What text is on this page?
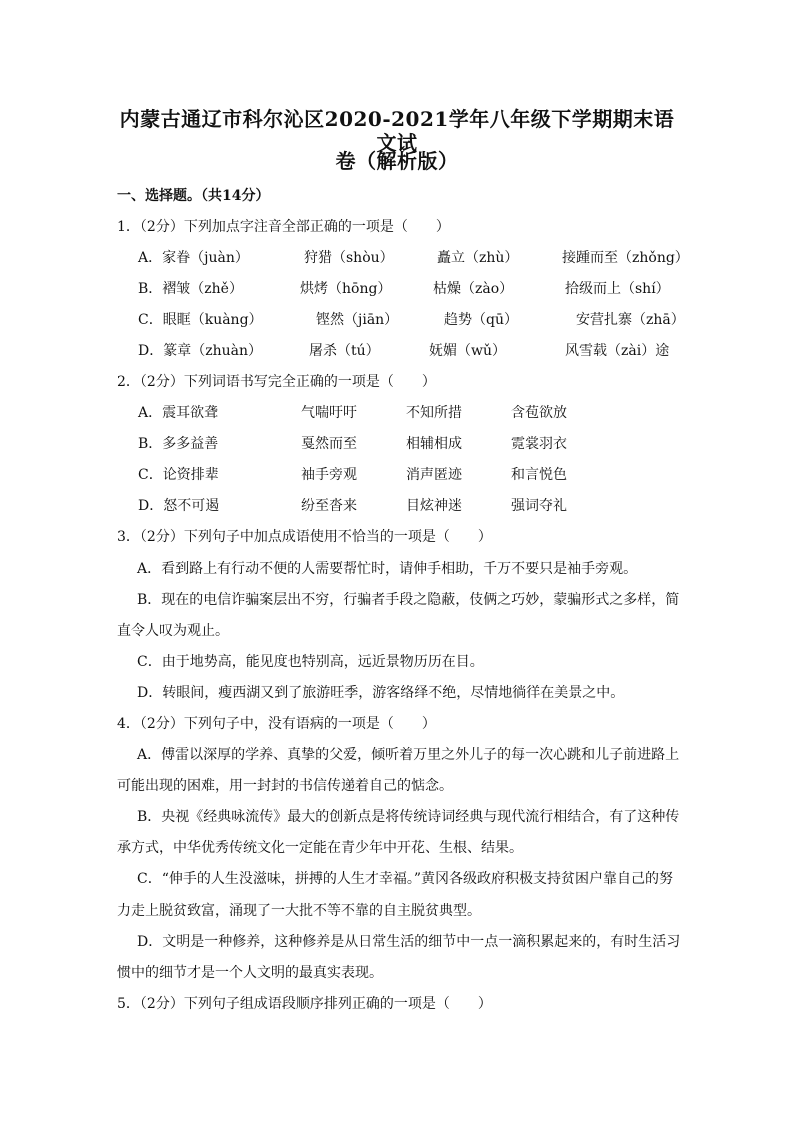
内蒙古通辽市科尔沁区2020-2021学年八年级下学期期末语文试
卷（解析版）
一、选择题。（共14分）
1．（2分）下列加点字注音全部正确的一项是（　　）
A．家眷（juàn）	狩猎（shòu）	矗立（zhù）	接踵而至（zhǒng）
B．褶皱（zhě）	烘烤（hōng）	枯燥（zào）	拾级而上（shí）
C．眼眶（kuàng）	铿然（jiān）	趋势（qū）	安营扎寨（zhā）
D．篆章（zhuàn）	屠杀（tú）	妩媚（wǔ）	风雪载（zài）途
2．（2分）下列词语书写完全正确的一项是（　　）
A．震耳欲聋	气喘吁吁	不知所措	含苞欲放
B．多多益善	戛然而至	相辅相成	霓裳羽衣
C．论资排辈	袖手旁观	消声匿迹	和言悦色
D．怒不可遏	纷至沓来	目炫神迷	强词夺礼
3．（2分）下列句子中加点成语使用不恰当的一项是（　　）
A．看到路上有行动不便的人需要帮忙时，请伸手相助，千万不要只是袖手旁观。
B．现在的电信诈骗案层出不穷，行骗者手段之隐蔽，伎俩之巧妙，蒙骗形式之多样，简
直令人叹为观止。
C．由于地势高，能见度也特别高，远近景物历历在目。
D．转眼间，瘦西湖又到了旅游旺季，游客络绎不绝，尽情地徜徉在美景之中。
4．（2分）下列句子中，没有语病的一项是（　　）
A．傅雷以深厚的学养、真挚的父爱，倾听着万里之外儿子的每一次心跳和儿子前进路上
可能出现的困难，用一封封的书信传递着自己的惦念。
B．央视《经典咏流传》最大的创新点是将传统诗词经典与现代流行相结合，有了这种传
承方式，中华优秀传统文化一定能在青少年中开花、生根、结果。
C．“伸手的人生没滋味，拼搏的人生才幸福。”黄冈各级政府积极支持贫困户靠自己的努
力走上脱贫致富，涌现了一大批不等不靠的自主脱贫典型。
D．文明是一种修养，这种修养是从日常生活的细节中一点一滴积累起来的，有时生活习
惯中的细节才是一个人文明的最真实表现。
5．（2分）下列句子组成语段顺序排列正确的一项是（　　）
